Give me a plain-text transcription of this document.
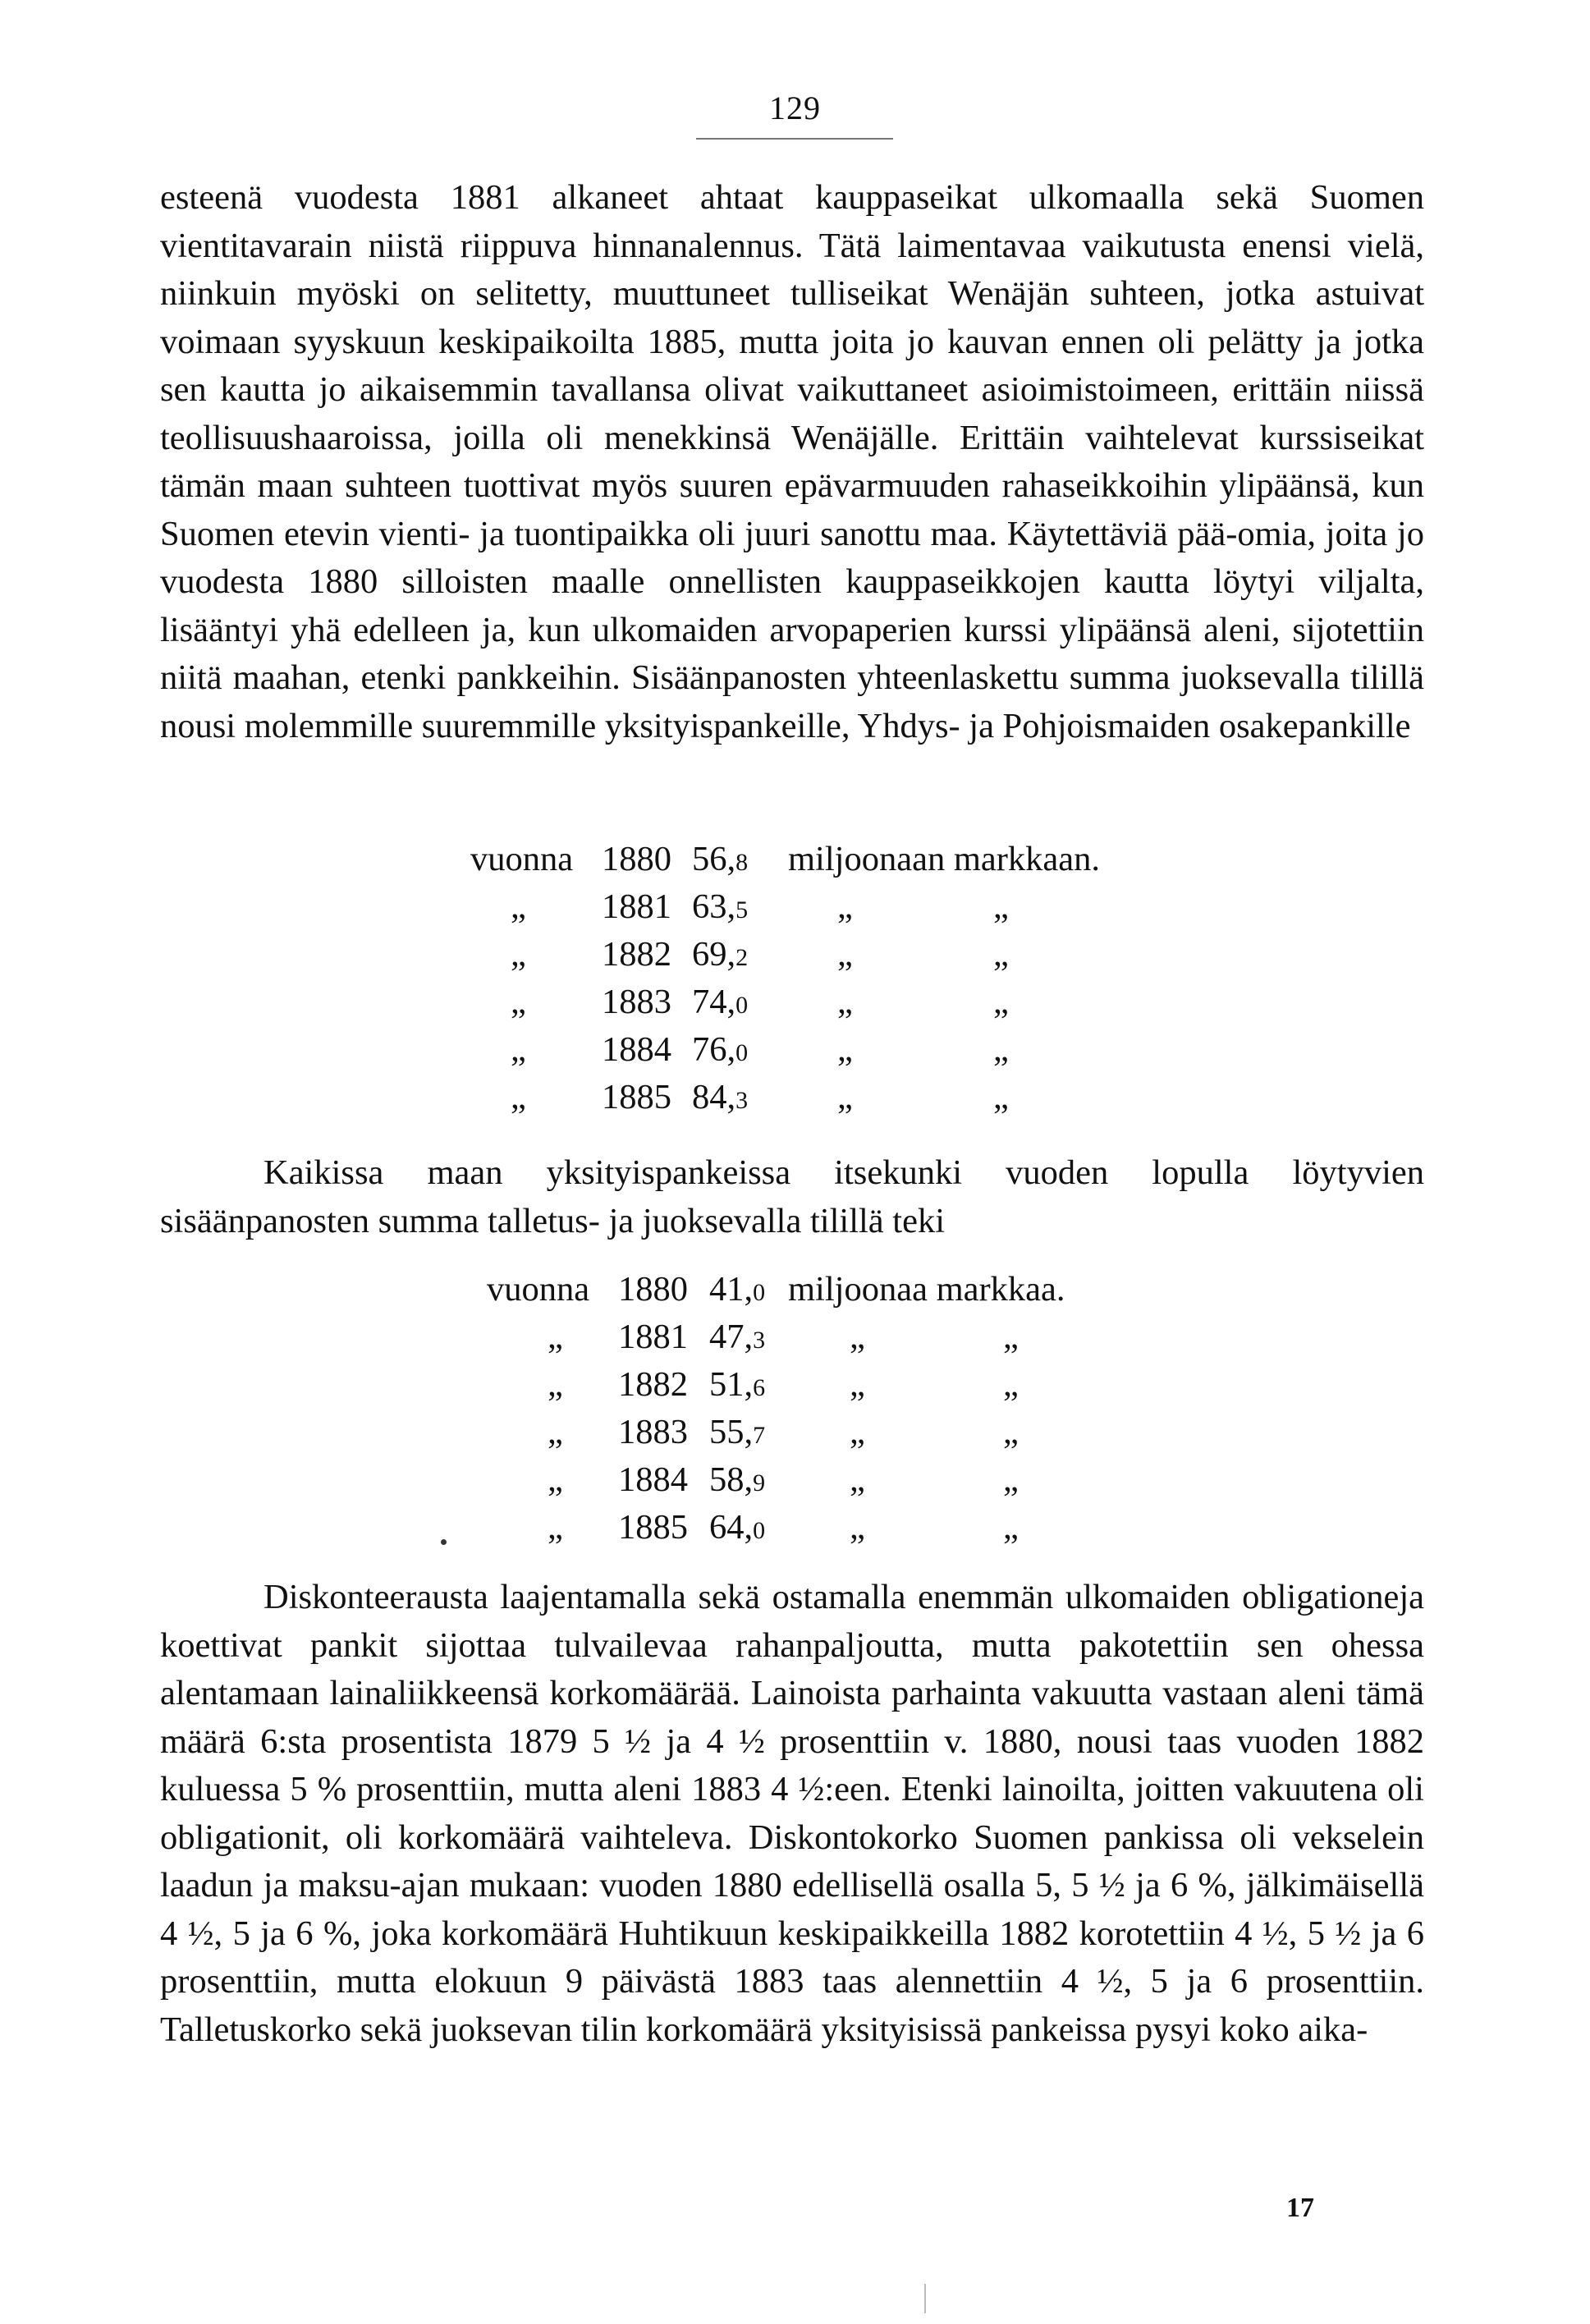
129

esteenä vuodesta 1881 alkaneet ahtaat kauppaseikat ulkomaalla sekä Suomen vientitavarain niistä riippuva hinnanalennus. Tätä laimentavaa vaikutusta enensi vielä, niinkuin myöski on selitetty, muuttuneet tulliseikat Wenäjän suhteen, jotka astuivat voimaan syyskuun keskipaikoilta 1885, mutta joita jo kauvan ennen oli pelätty ja jotka sen kautta jo aikaisemmin tavallansa olivat vaikuttaneet asioimistoimeen, erittäin niissä teollisuushaaroissa, joilla oli menekkinsä Wenäjälle. Erittäin vaihtelevat kurssiseikat tämän maan suhteen tuottivat myös suuren epävarmuuden rahaseikkoihin ylipäänsä, kun Suomen etevin vienti- ja tuontipaikka oli juuri sanottu maa. Käytettäviä pää-omia, joita jo vuodesta 1880 silloisten maalle onnellisten kauppaseikkojen kautta löytyi viljalta, lisääntyi yhä edelleen ja, kun ulkomaiden arvopaperien kurssi ylipäänsä aleni, sijotettiin niitä maahan, etenki pankkeihin. Sisäänpanosten yhteenlaskettu summa juoksevalla tilillä nousi molemmille suuremmille yksityispankeille, Yhdys- ja Pohjoismaiden osakepankille

vuonna 1880 56,8 miljoonaan markkaan.
„ 1881 63,5	„	„
„ 1882 69,2	„	„
„ 1883 74,0	„	„
„ 1884 76,0	„	„
„ 1885 84,3	„	„

Kaikissa maan yksityispankeissa itsekunki vuoden lopulla löytyvien sisäänpanosten summa talletus- ja juoksevalla tilillä teki

vuonna 1880 41,0 miljoonaa markkaa.
„ 1881 47,3 „	„
„ 1882 51,6 „	„
„ 1883 55,7 „	„
„ 1884 58,9 „	„
„ 1885 64,0 „	„

Diskonteerausta laajentamalla sekä ostamalla enemmän ulkomaiden obligationeja koettivat pankit sijottaa tulvailevaa rahanpaljoutta, mutta pakotettiin sen ohessa alentamaan lainaliikkeensä korkomäärää. Lainoista parhainta vakuutta vastaan aleni tämä määrä 6:sta prosentista 1879 5 ½ ja 4 ½ prosenttiin v. 1880, nousi taas vuoden 1882 kuluessa 5 % prosenttiin, mutta aleni 1883 4 ½:een. Etenki lainoilta, joitten vakuutena oli obligationit, oli korkomäärä vaihteleva. Diskontokorko Suomen pankissa oli vekselein laadun ja maksu-ajan mukaan: vuoden 1880 edellisellä osalla 5, 5 ½ ja 6 %, jälkimäisellä 4 ½, 5 ja 6 %, joka korkomäärä Huhtikuun keskipaikkeilla 1882 korotettiin 4 ½, 5 ½ ja 6 prosenttiin, mutta elokuun 9 päivästä 1883 taas alennettiin 4 ½, 5 ja 6 prosenttiin. Talletuskorko sekä juoksevan tilin korkomäärä yksityisissä pankeissa pysyi koko aika-

17
